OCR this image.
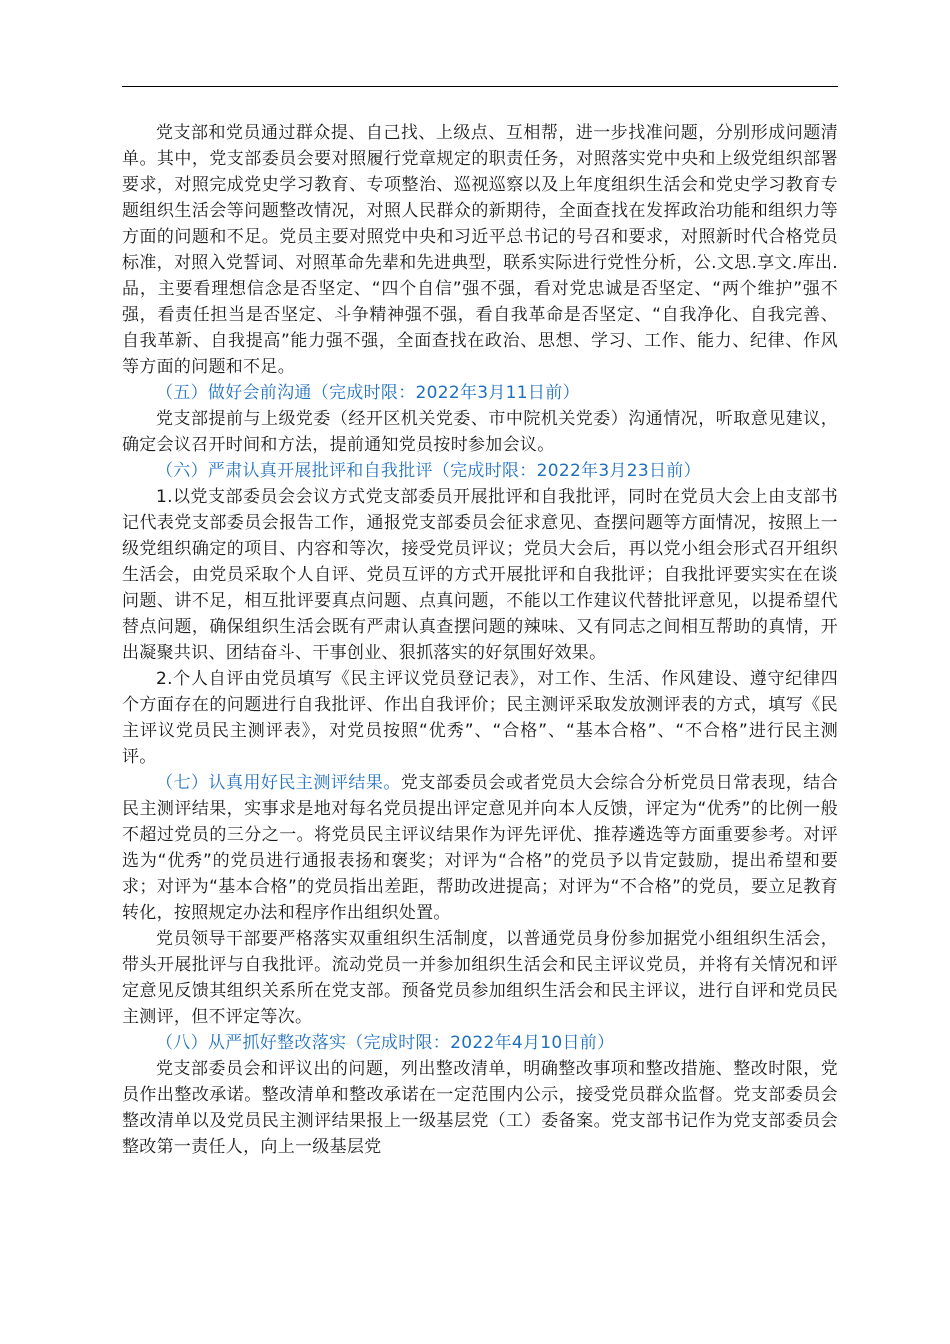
党支部和党员通过群众提、自己找、上级点、互相帮，进一步找准问题，分别形成问题清单。其中，党支部委员会要对照履行党章规定的职责任务，对照落实党中央和上级党组织部署要求，对照完成党史学习教育、专项整治、巡视巡察以及上年度组织生活会和党史学习教育专题组织生活会等问题整改情况，对照人民群众的新期待，全面查找在发挥政治功能和组织力等方面的问题和不足。党员主要对照党中央和习近平总书记的号召和要求，对照新时代合格党员标准，对照入党誓词、对照革命先辈和先进典型，联系实际进行党性分析，公.文思.享文.库出.品，主要看理想信念是否坚定、“四个自信”强不强，看对党忠诚是否坚定、“两个维护”强不强，看责任担当是否坚定、斗争精神强不强，看自我革命是否坚定、“自我净化、自我完善、自我革新、自我提高”能力强不强，全面查找在政治、思想、学习、工作、能力、纪律、作风等方面的问题和不足。

（五）做好会前沟通（完成时限：2022年3月11日前）

党支部提前与上级党委（经开区机关党委、市中院机关党委）沟通情况，听取意见建议，确定会议召开时间和方法，提前通知党员按时参加会议。

（六）严肃认真开展批评和自我批评（完成时限：2022年3月23日前）

1.以党支部委员会会议方式党支部委员开展批评和自我批评，同时在党员大会上由支部书记代表党支部委员会报告工作，通报党支部委员会征求意见、查摆问题等方面情况，按照上一级党组织确定的项目、内容和等次，接受党员评议；党员大会后，再以党小组会形式召开组织生活会，由党员采取个人自评、党员互评的方式开展批评和自我批评；自我批评要实实在在谈问题、讲不足，相互批评要真点问题、点真问题，不能以工作建议代替批评意见，以提希望代替点问题，确保组织生活会既有严肃认真查摆问题的辣味、又有同志之间相互帮助的真情，开出凝聚共识、团结奋斗、干事创业、狠抓落实的好氛围好效果。

2.个人自评由党员填写《民主评议党员登记表》，对工作、生活、作风建设、遵守纪律四个方面存在的问题进行自我批评、作出自我评价；民主测评采取发放测评表的方式，填写《民主评议党员民主测评表》，对党员按照“优秀”、“合格”、“基本合格”、“不合格”进行民主测评。

（七）认真用好民主测评结果。党支部委员会或者党员大会综合分析党员日常表现，结合民主测评结果，实事求是地对每名党员提出评定意见并向本人反馈，评定为“优秀”的比例一般不超过党员的三分之一。将党员民主评议结果作为评先评优、推荐遴选等方面重要参考。对评选为“优秀”的党员进行通报表扬和褒奖；对评为“合格”的党员予以肯定鼓励，提出希望和要求；对评为“基本合格”的党员指出差距，帮助改进提高；对评为“不合格”的党员，要立足教育转化，按照规定办法和程序作出组织处置。

党员领导干部要严格落实双重组织生活制度，以普通党员身份参加据党小组组织生活会，带头开展批评与自我批评。流动党员一并参加组织生活会和民主评议党员，并将有关情况和评定意见反馈其组织关系所在党支部。预备党员参加组织生活会和民主评议，进行自评和党员民主测评，但不评定等次。

（八）从严抓好整改落实（完成时限：2022年4月10日前）

党支部委员会和评议出的问题，列出整改清单，明确整改事项和整改措施、整改时限，党员作出整改承诺。整改清单和整改承诺在一定范围内公示，接受党员群众监督。党支部委员会整改清单以及党员民主测评结果报上一级基层党（工）委备案。党支部书记作为党支部委员会整改第一责任人，向上一级基层党
